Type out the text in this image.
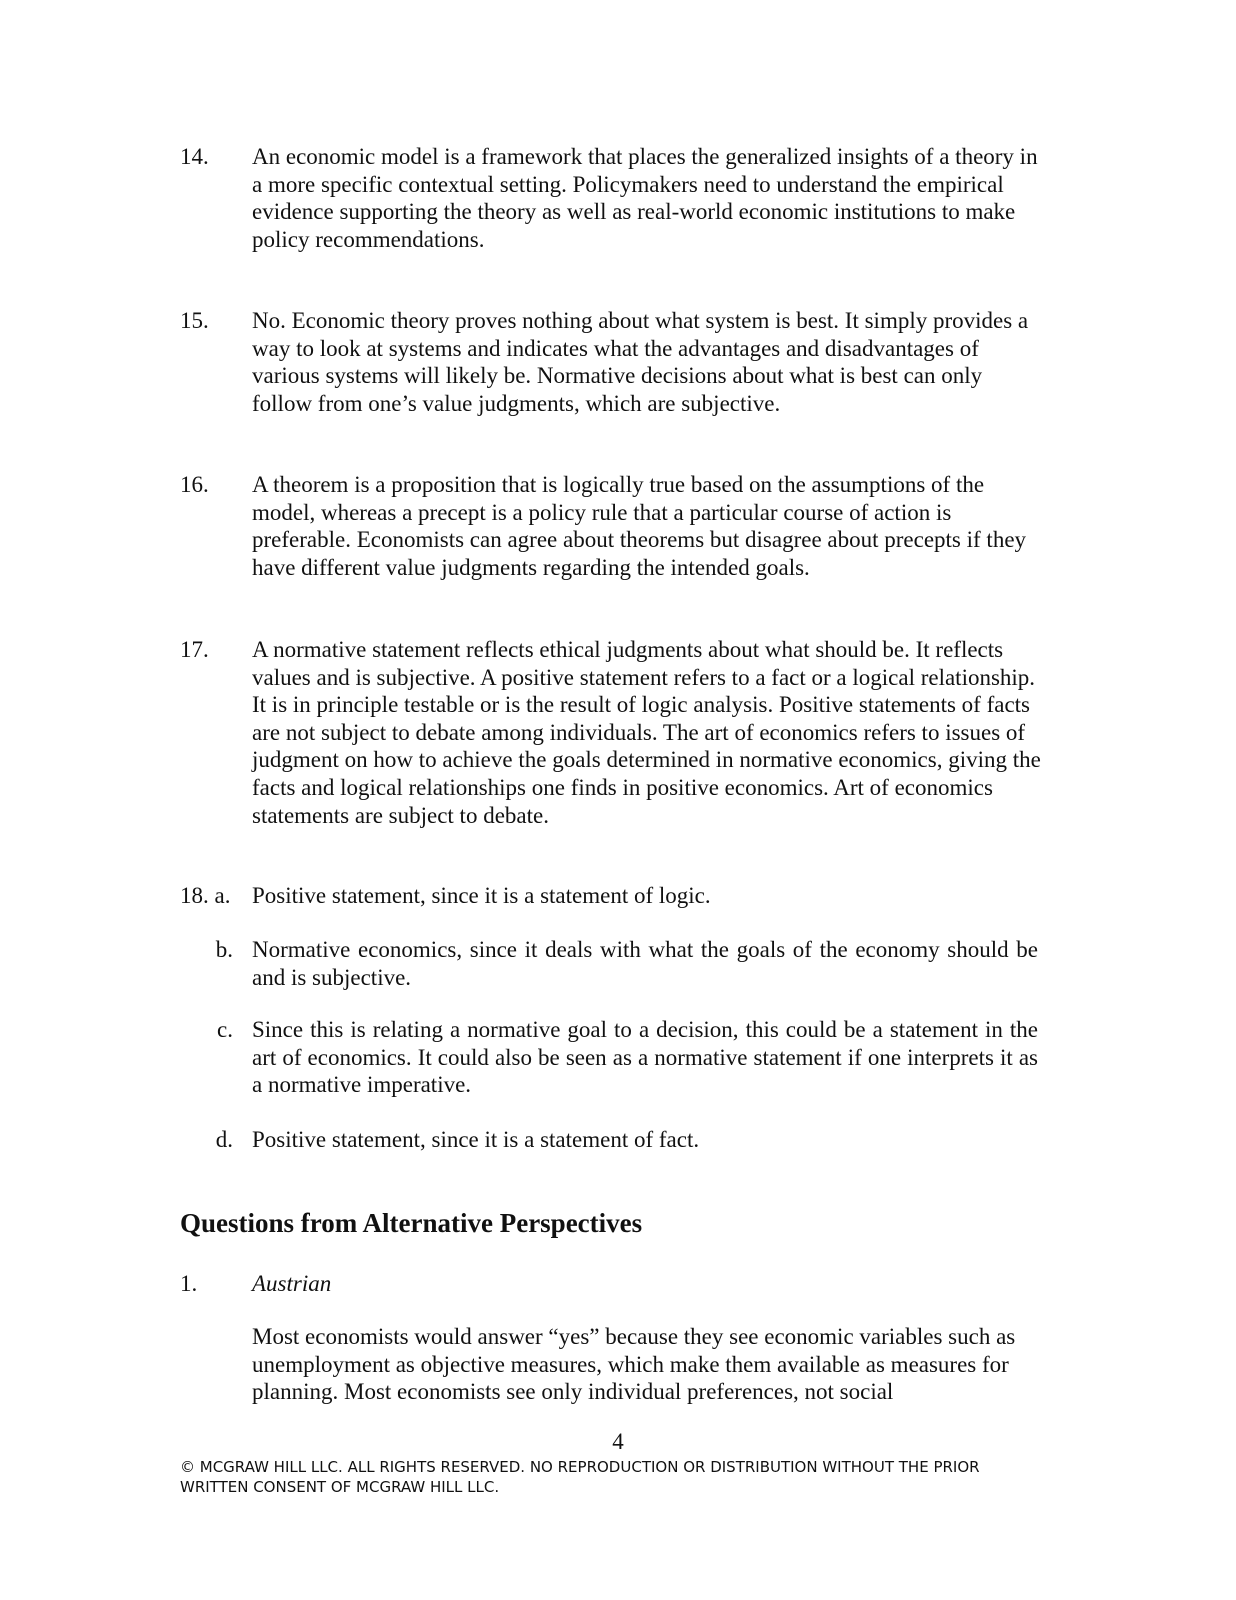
14. An economic model is a framework that places the generalized insights of a theory in a more specific contextual setting. Policymakers need to understand the empirical evidence supporting the theory as well as real-world economic institutions to make policy recommendations.
15. No. Economic theory proves nothing about what system is best. It simply provides a way to look at systems and indicates what the advantages and disadvantages of various systems will likely be. Normative decisions about what is best can only follow from one’s value judgments, which are subjective.
16. A theorem is a proposition that is logically true based on the assumptions of the model, whereas a precept is a policy rule that a particular course of action is preferable. Economists can agree about theorems but disagree about precepts if they have different value judgments regarding the intended goals.
17. A normative statement reflects ethical judgments about what should be. It reflects values and is subjective. A positive statement refers to a fact or a logical relationship. It is in principle testable or is the result of logic analysis. Positive statements of facts are not subject to debate among individuals. The art of economics refers to issues of judgment on how to achieve the goals determined in normative economics, giving the facts and logical relationships one finds in positive economics. Art of economics statements are subject to debate.
18. a. Positive statement, since it is a statement of logic.
b. Normative economics, since it deals with what the goals of the economy should be and is subjective.
c. Since this is relating a normative goal to a decision, this could be a statement in the art of economics. It could also be seen as a normative statement if one interprets it as a normative imperative.
d. Positive statement, since it is a statement of fact.
Questions from Alternative Perspectives
1. Austrian
Most economists would answer “yes” because they see economic variables such as unemployment as objective measures, which make them available as measures for planning. Most economists see only individual preferences, not social
4
© MCGRAW HILL LLC. ALL RIGHTS RESERVED. NO REPRODUCTION OR DISTRIBUTION WITHOUT THE PRIOR WRITTEN CONSENT OF MCGRAW HILL LLC.
